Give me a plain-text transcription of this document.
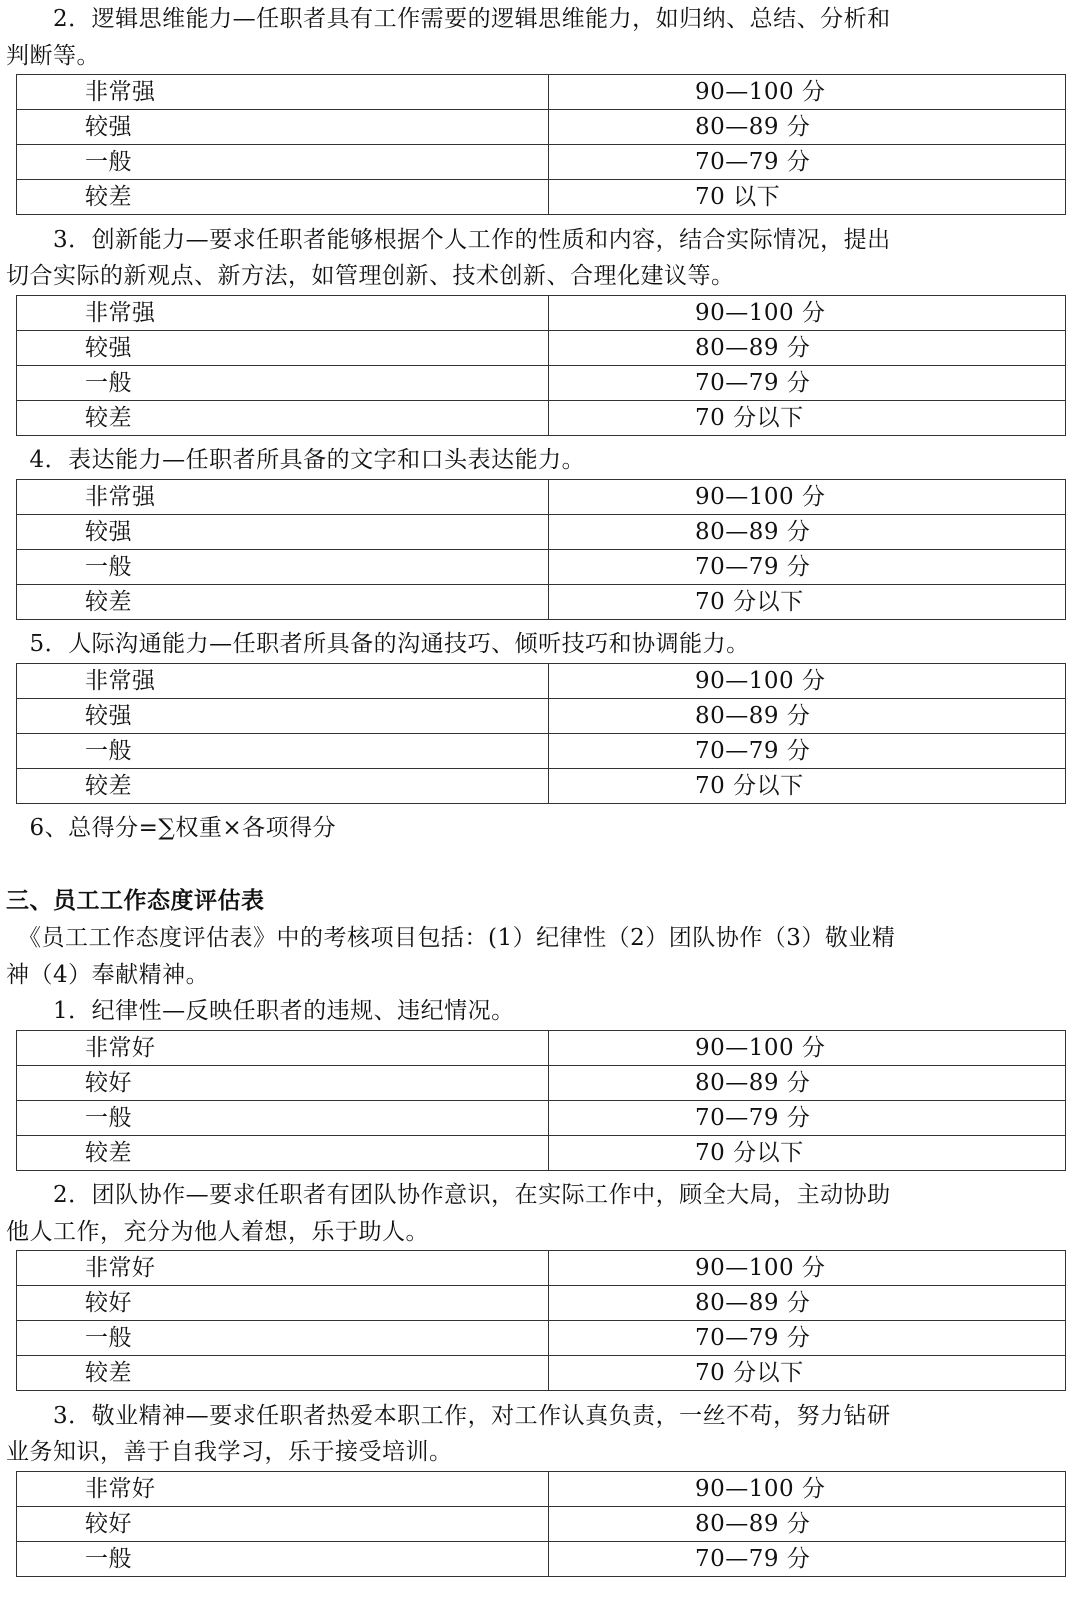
　　2．逻辑思维能力—任职者具有工作需要的逻辑思维能力，如归纳、总结、分析和
判断等。
非常强	90—100 分
较强	80—89 分
一般	70—79 分
较差	70 以下
　　3．创新能力—要求任职者能够根据个人工作的性质和内容，结合实际情况，提出
切合实际的新观点、新方法，如管理创新、技术创新、合理化建议等。
非常强	90—100 分
较强	80—89 分
一般	70—79 分
较差	70 分以下
　4．表达能力—任职者所具备的文字和口头表达能力。
非常强	90—100 分
较强	80—89 分
一般	70—79 分
较差	70 分以下
　5．人际沟通能力—任职者所具备的沟通技巧、倾听技巧和协调能力。
非常强	90—100 分
较强	80—89 分
一般	70—79 分
较差	70 分以下
　6、总得分=∑权重×各项得分
三、员工工作态度评估表
　《员工工作态度评估表》中的考核项目包括：(1）纪律性（2）团队协作（3）敬业精
神（4）奉献精神。
　　1．纪律性—反映任职者的违规、违纪情况。
非常好	90—100 分
较好	80—89 分
一般	70—79 分
较差	70 分以下
　　2．团队协作—要求任职者有团队协作意识，在实际工作中，顾全大局，主动协助
他人工作，充分为他人着想，乐于助人。
非常好	90—100 分
较好	80—89 分
一般	70—79 分
较差	70 分以下
　　3．敬业精神—要求任职者热爱本职工作，对工作认真负责，一丝不苟，努力钻研
业务知识，善于自我学习，乐于接受培训。
非常好	90—100 分
较好	80—89 分
一般	70—79 分
